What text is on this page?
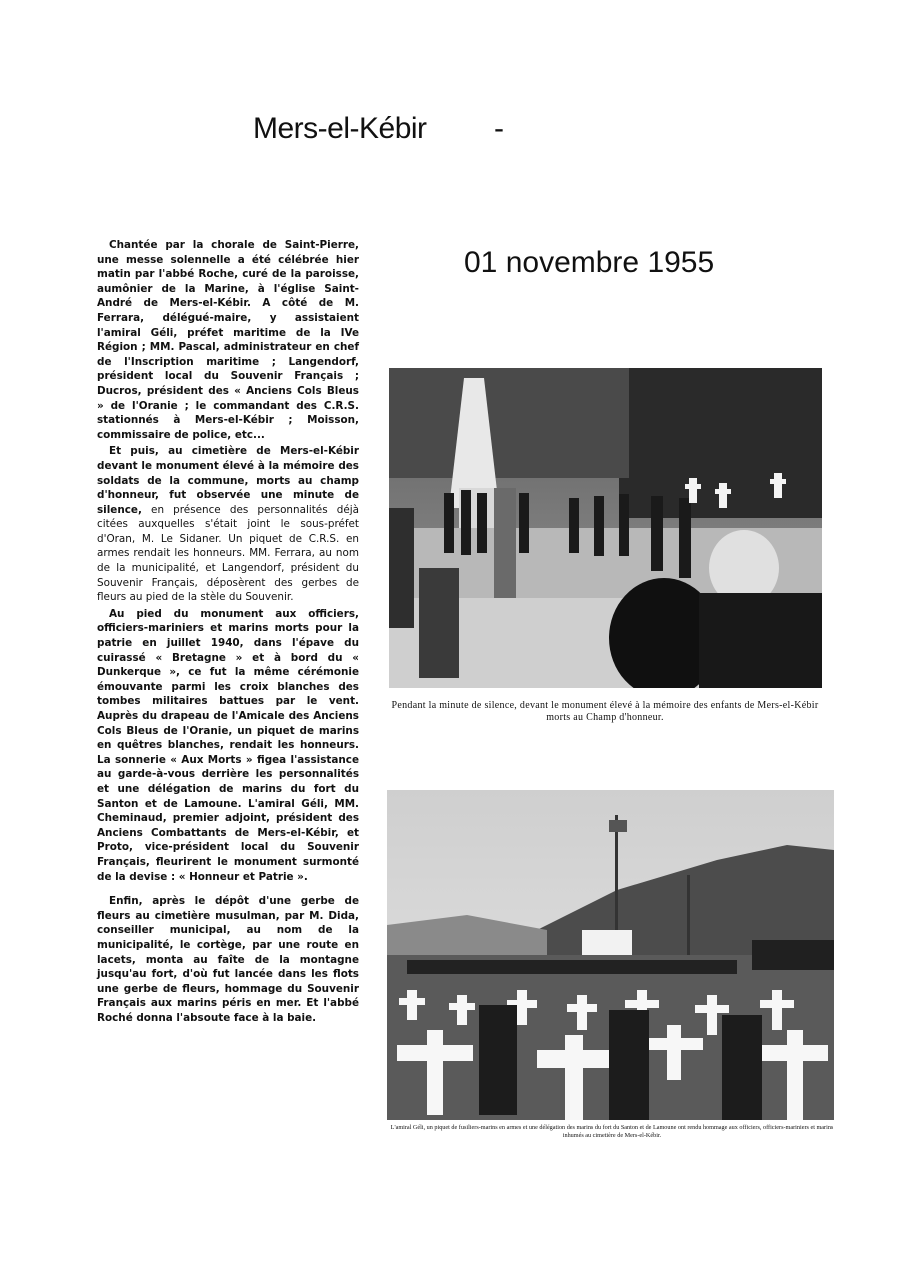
Mers-el-Kébir -
01 novembre 1955

Chantée par la chorale de Saint-Pierre, une messe solennelle a été célébrée hier matin par l'abbé Roche, curé de la paroisse, aumônier de la Marine, à l'église Saint-André de Mers-el-Kébir. A côté de M. Ferrara, délégué-maire, y assistaient l'amiral Géli, préfet maritime de la IVe Région ; MM. Pascal, administrateur en chef de l'Inscription maritime ; Langendorf, président local du Souvenir Français ; Ducros, président des « Anciens Cols Bleus » de l'Oranie ; le commandant des C.R.S. stationnés à Mers-el-Kébir ; Moisson, commissaire de police, etc...

Et puis, au cimetière de Mers-el-Kébir devant le monument élevé à la mémoire des soldats de la commune, morts au champ d'honneur, fut observée une minute de silence, en présence des personnalités déjà citées auxquelles s'était joint le sous-préfet d'Oran, M. Le Sidaner. Un piquet de C.R.S. en armes rendait les honneurs. MM. Ferrara, au nom de la municipalité, et Langendorf, président du Souvenir Français, déposèrent des gerbes de fleurs au pied de la stèle du Souvenir.

Au pied du monument aux officiers, officiers-mariniers et marins morts pour la patrie en juillet 1940, dans l'épave du cuirassé « Bretagne » et à bord du « Dunkerque », ce fut la même cérémonie émouvante parmi les croix blanches des tombes militaires battues par le vent. Auprès du drapeau de l'Amicale des Anciens Cols Bleus de l'Oranie, un piquet de marins en quêtres blanches, rendait les honneurs. La sonnerie « Aux Morts » figea l'assistance au garde-à-vous derrière les personnalités et une délégation de marins du fort du Santon et de Lamoune. L'amiral Géli, MM. Cheminaud, premier adjoint, président des Anciens Combattants de Mers-el-Kébir, et Proto, vice-président local du Souvenir Français, fleurirent le monument surmonté de la devise : « Honneur et Patrie ».

Enfin, après le dépôt d'une gerbe de fleurs au cimetière musulman, par M. Dida, conseiller municipal, au nom de la municipalité, le cortège, par une route en lacets, monta au faîte de la montagne jusqu'au fort, d'où fut lancée dans les flots une gerbe de fleurs, hommage du Souvenir Français aux marins péris en mer. Et l'abbé Roché donna l'absoute face à la baie.

Pendant la minute de silence, devant le monument élevé à la mémoire des enfants de Mers-el-Kébir morts au Champ d'honneur.
L'amiral Géli, un piquet de fusiliers-marins en armes et une délégation des marins du fort du Santon et de Lamoune ont rendu hommage aux officiers, officiers-mariniers et marins inhumés au cimetière de Mers-el-Kébir.
